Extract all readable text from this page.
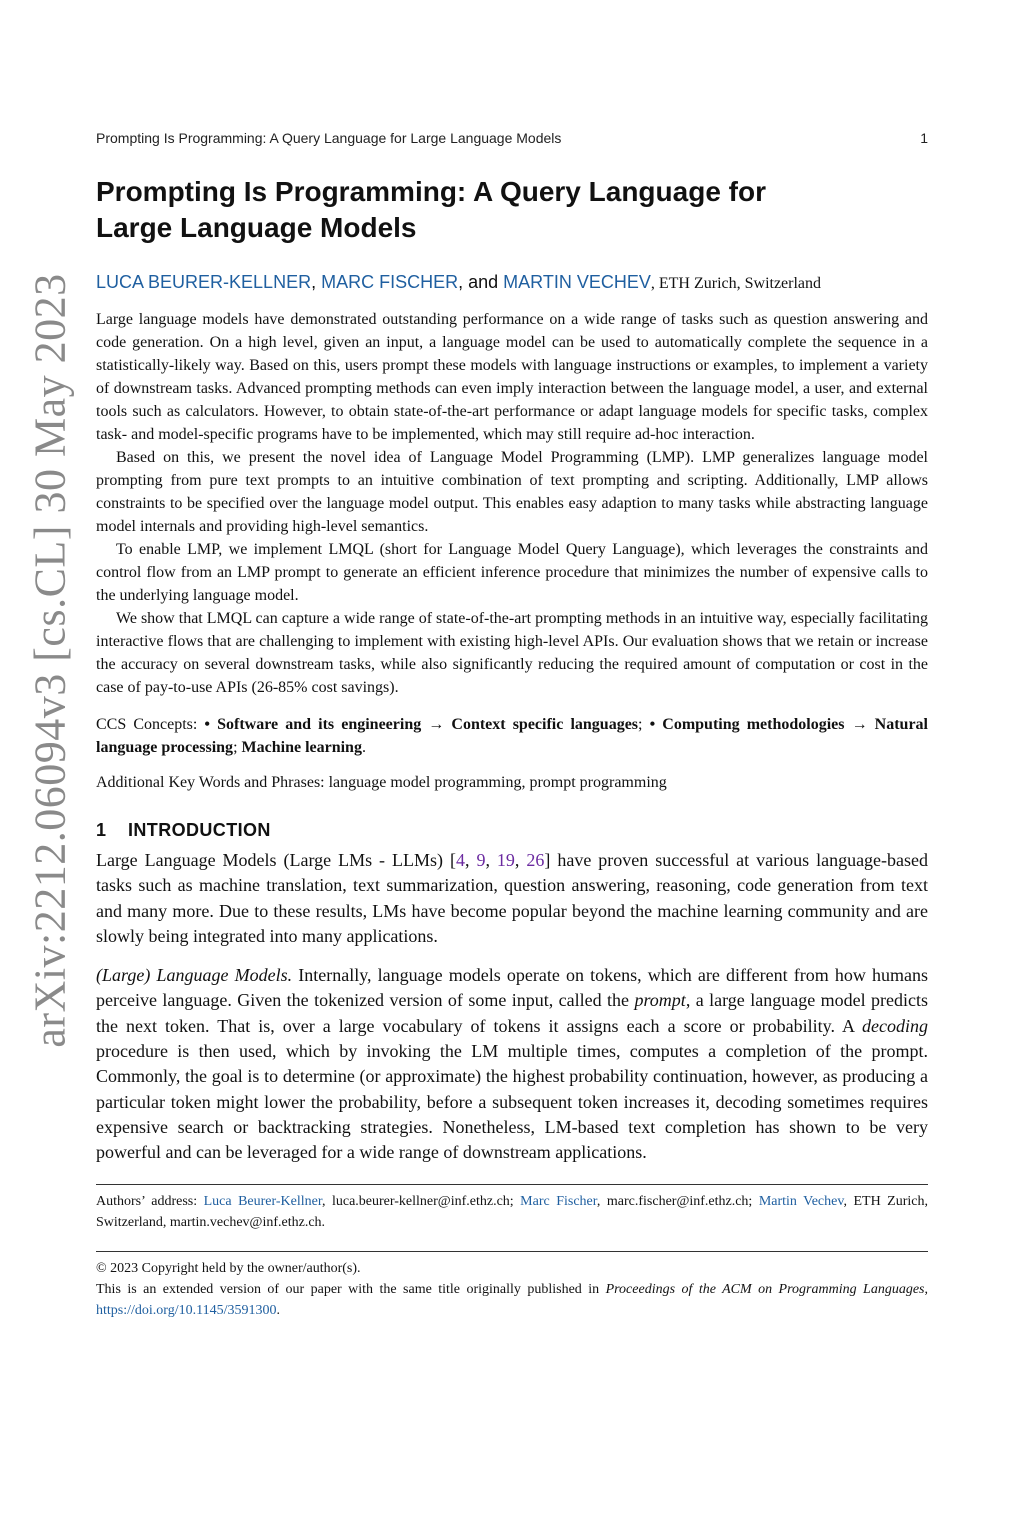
arXiv:2212.06094v3 [cs.CL] 30 May 2023
Prompting Is Programming: A Query Language for Large Language Models	1
Prompting Is Programming: A Query Language for Large Language Models
LUCA BEURER-KELLNER, MARC FISCHER, and MARTIN VECHEV, ETH Zurich, Switzerland

Large language models have demonstrated outstanding performance on a wide range of tasks such as question answering and code generation. On a high level, given an input, a language model can be used to automatically complete the sequence in a statistically-likely way. Based on this, users prompt these models with language instructions or examples, to implement a variety of downstream tasks. Advanced prompting methods can even imply interaction between the language model, a user, and external tools such as calculators. However, to obtain state-of-the-art performance or adapt language models for specific tasks, complex task- and model-specific programs have to be implemented, which may still require ad-hoc interaction.

Based on this, we present the novel idea of Language Model Programming (LMP). LMP generalizes language model prompting from pure text prompts to an intuitive combination of text prompting and scripting. Additionally, LMP allows constraints to be specified over the language model output. This enables easy adaption to many tasks while abstracting language model internals and providing high-level semantics.

To enable LMP, we implement LMQL (short for Language Model Query Language), which leverages the constraints and control flow from an LMP prompt to generate an efficient inference procedure that minimizes the number of expensive calls to the underlying language model.

We show that LMQL can capture a wide range of state-of-the-art prompting methods in an intuitive way, especially facilitating interactive flows that are challenging to implement with existing high-level APIs. Our evaluation shows that we retain or increase the accuracy on several downstream tasks, while also significantly reducing the required amount of computation or cost in the case of pay-to-use APIs (26-85% cost savings).

CCS Concepts: • Software and its engineering → Context specific languages; • Computing methodologies → Natural language processing; Machine learning.
Additional Key Words and Phrases: language model programming, prompt programming
1 INTRODUCTION

Large Language Models (Large LMs - LLMs) [4, 9, 19, 26] have proven successful at various language-based tasks such as machine translation, text summarization, question answering, reasoning, code generation from text and many more. Due to these results, LMs have become popular beyond the machine learning community and are slowly being integrated into many applications.

(Large) Language Models. Internally, language models operate on tokens, which are different from how humans perceive language. Given the tokenized version of some input, called the prompt, a large language model predicts the next token. That is, over a large vocabulary of tokens it assigns each a score or probability. A decoding procedure is then used, which by invoking the LM multiple times, computes a completion of the prompt. Commonly, the goal is to determine (or approximate) the highest probability continuation, however, as producing a particular token might lower the probability, before a subsequent token increases it, decoding sometimes requires expensive search or backtracking strategies. Nonetheless, LM-based text completion has shown to be very powerful and can be leveraged for a wide range of downstream applications.

Authors’ address: Luca Beurer-Kellner, luca.beurer-kellner@inf.ethz.ch; Marc Fischer, marc.fischer@inf.ethz.ch; Martin Vechev, ETH Zurich, Switzerland, martin.vechev@inf.ethz.ch.
© 2023 Copyright held by the owner/author(s).
This is an extended version of our paper with the same title originally published in Proceedings of the ACM on Programming Languages, https://doi.org/10.1145/3591300.
